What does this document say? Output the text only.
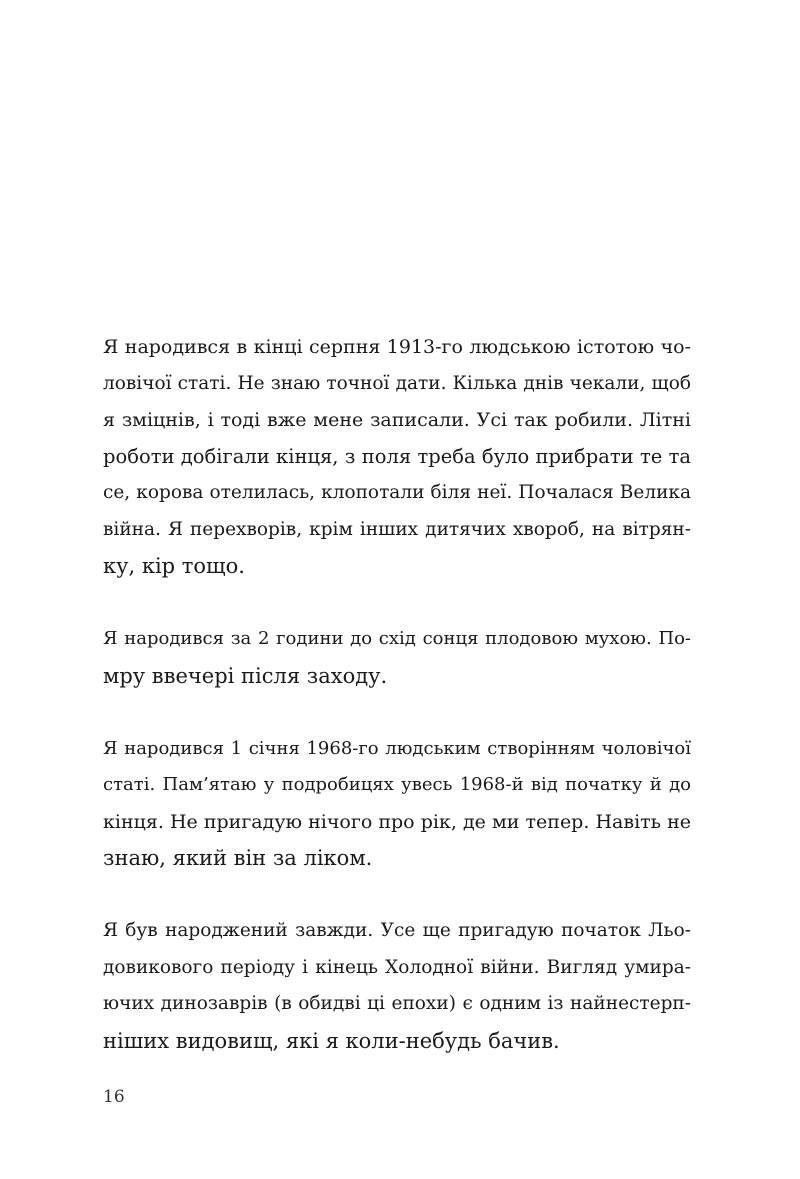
Я народився в кінці серпня 1913-го людською істотою чо-
ловічої статі. Не знаю точної дати. Кілька днів чекали, щоб
я зміцнів, і тоді вже мене записали. Усі так робили. Літні
роботи добігали кінця, з поля треба було прибрати те та
се, корова отелилась, клопотали біля неї. Почалася Велика
війна. Я перехворів, крім інших дитячих хвороб, на вітрян-
ку, кір тощо.

Я народився за 2 години до схід сонця плодовою мухою. По-
мру ввечері після заходу.

Я народився 1 січня 1968-го людським створінням чоловічої
статі. Пам’ятаю у подробицях увесь 1968-й від початку й до
кінця. Не пригадую нічого про рік, де ми тепер. Навіть не
знаю, який він за ліком.

Я був народжений завжди. Усе ще пригадую початок Льо-
довикового періоду і кінець Холодної війни. Вигляд умира-
ючих динозаврів (в обидві ці епохи) є одним із найнестерп-
ніших видовищ, які я коли-небудь бачив.

16
